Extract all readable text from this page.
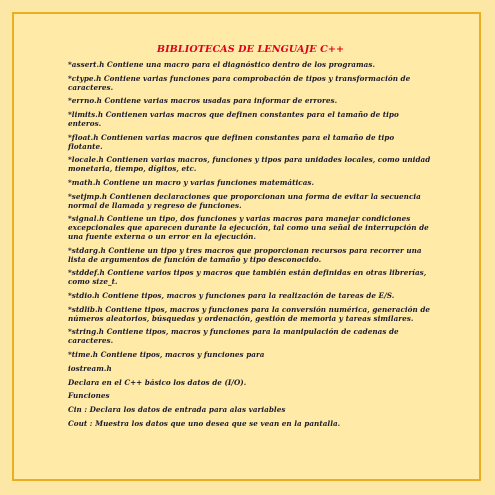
BIBLIOTECAS DE LENGUAJE C++
*assert.h Contiene una macro para el diagnóstico dentro de los programas.
*ctype.h Contiene varias funciones para comprobación de tipos y transformación de caracteres.
*errno.h Contiene varias macros usadas para informar de errores.
*limits.h Contienen varias macros que definen constantes para el tamaño de tipo enteros.
*float.h Contienen varias macros que definen constantes para el tamaño de tipo flotante.
*locale.h Contienen varias macros, funciones y tipos para unidades locales, como unidad monetaria, tiempo, dígitos, etc.
*math.h Contiene un macro y varias funciones matemáticas.
*setjmp.h Contienen declaraciones que proporcionan una forma de evitar la secuencia normal de llamada y regreso de funciones.
*signal.h Contiene un tipo, dos funciones y varias macros para manejar condiciones excepcionales que aparecen durante la ejecución, tal como una señal de interrupción de una fuente externa o un error en la ejecución.
*stdarg.h Contiene un tipo y tres macros que proporcionan recursos para recorrer una lista de argumentos de función de tamaño y tipo desconocido.
*stddef.h Contiene varios tipos y macros que también están definidas en otras librerías, como size_t.
*stdio.h Contiene tipos, macros y funciones para la realización de tareas de E/S.
*stdlib.h Contiene tipos, macros y funciones para la conversión numérica, generación de números aleatorios, búsquedas y ordenación, gestión de memoria y tareas similares.
*string.h Contiene tipos, macros y funciones para la manipulación de cadenas de caracteres.
*time.h Contiene tipos, macros y funciones para
iostream.h
Declara en el C++ básico los datos de (I/O).
Funciones
Cin : Declara los datos de entrada para alas variables
Cout : Muestra los datos que uno desea que se vean en la pantalla.
